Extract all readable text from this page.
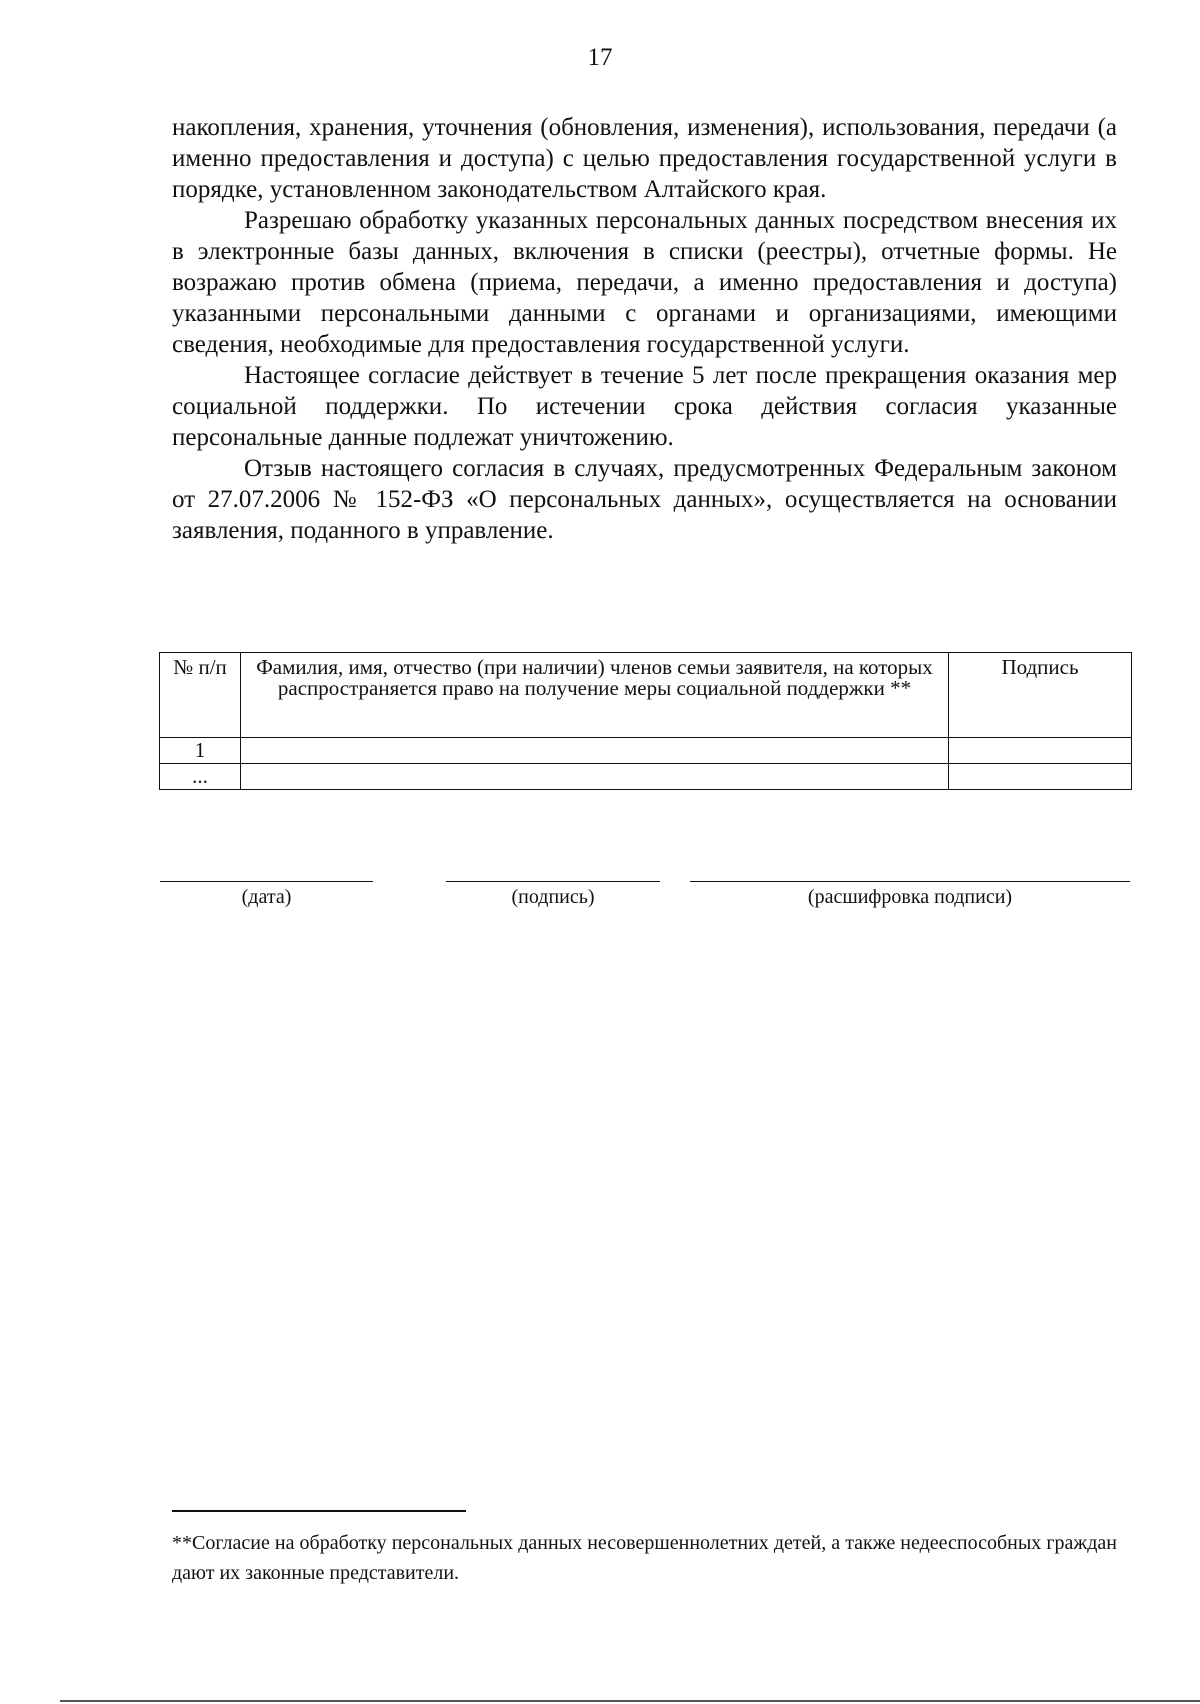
17

накопления, хранения, уточнения (обновления, изменения), использования, передачи (а именно предоставления и доступа) с целью предоставления государственной услуги в порядке, установленном законодательством Алтайского края.

Разрешаю обработку указанных персональных данных посредством внесения их в электронные базы данных, включения в списки (реестры), отчетные формы. Не возражаю против обмена (приема, передачи, а именно предоставления и доступа) указанными персональными данными с органами и организациями, имеющими сведения, необходимые для предоставления государственной услуги.

Настоящее согласие действует в течение 5 лет после прекращения оказания мер социальной поддержки. По истечении срока действия согласия указанные персональные данные подлежат уничтожению.

Отзыв настоящего согласия в случаях, предусмотренных Федеральным законом от 27.07.2006 № 152-ФЗ «О персональных данных», осуществляется на основании заявления, поданного в управление.

№ п/п	Фамилия, имя, отчество (при наличии) членов семьи заявителя, на которых распространяется право на получение меры социальной поддержки **	Подпись
1		
...		
(дата)	(подпись)	(расшифровка подписи)
**Согласие на обработку персональных данных несовершеннолетних детей, а также недееспособных граждан дают их законные представители.
